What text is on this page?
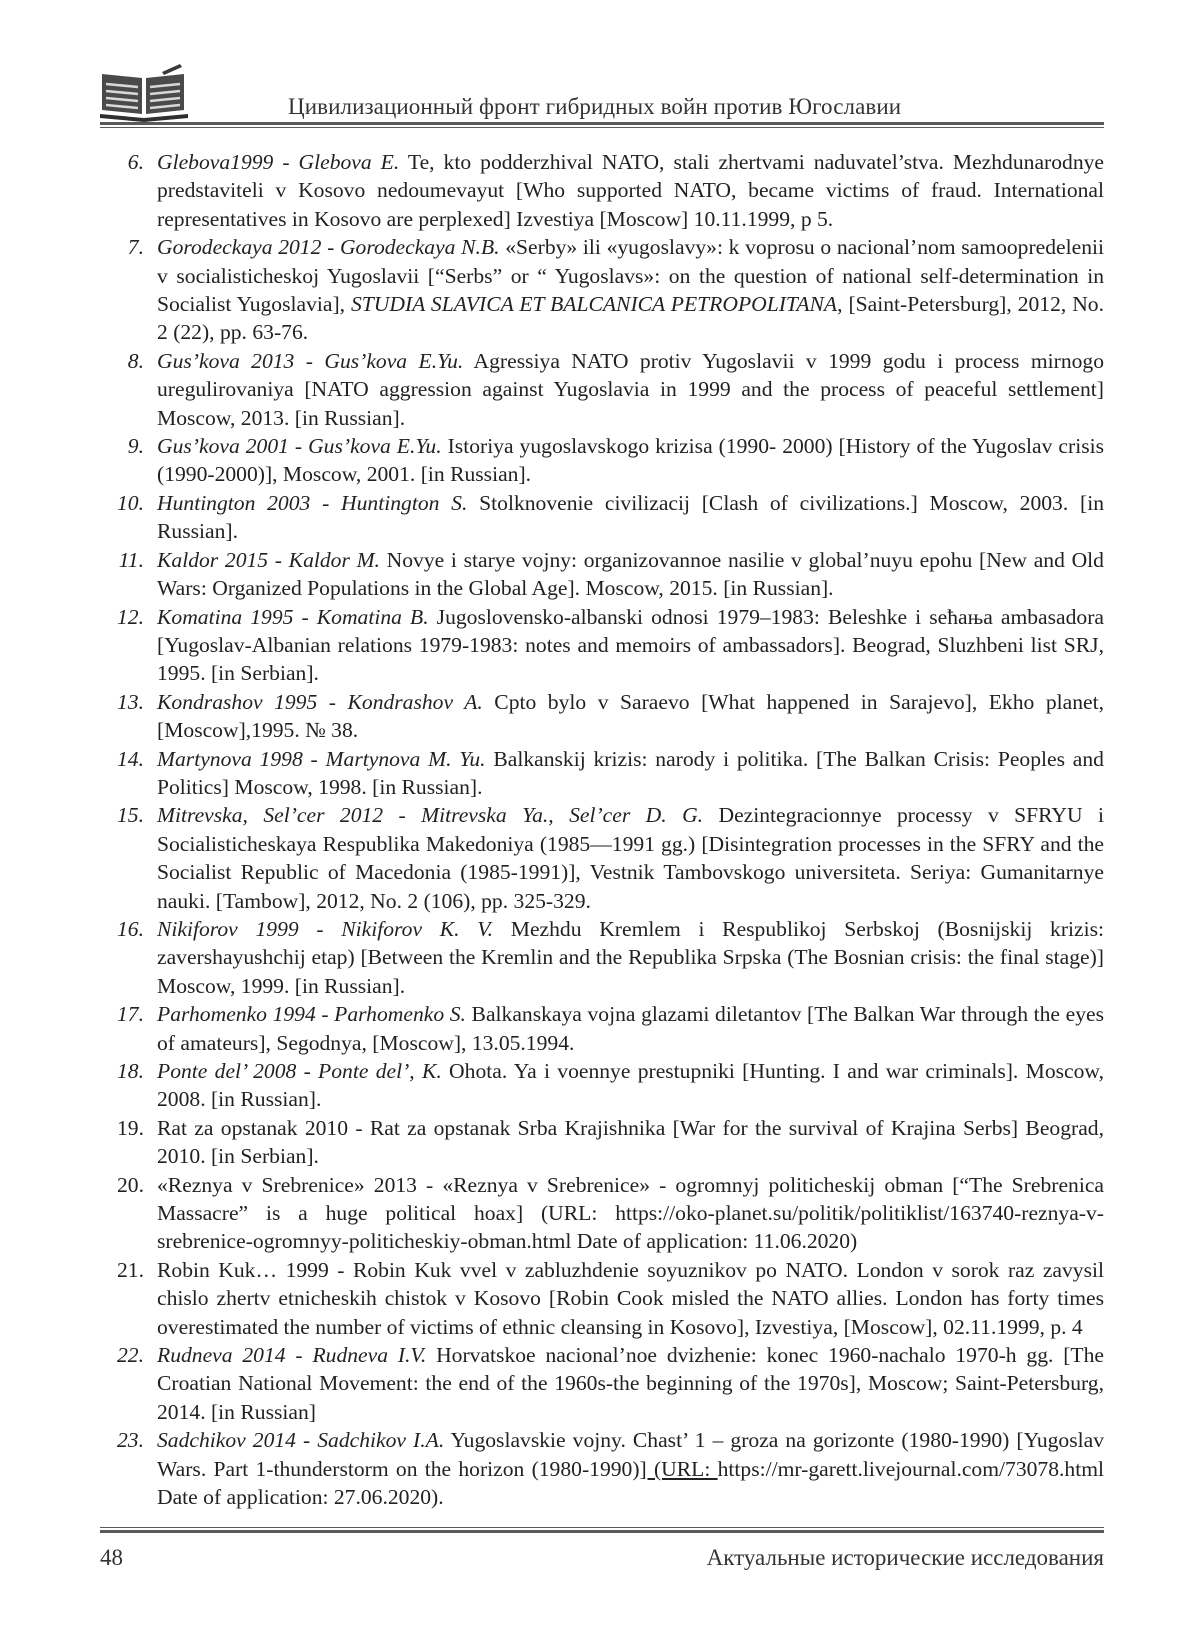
Цивилизационный фронт гибридных войн против Югославии
6. Glebova1999 - Glebova E. Te, kto podderzhival NATO, stali zhertvami naduvatel’stva. Mezhdunarodnye predstaviteli v Kosovo nedoumevayut [Who supported NATO, became victims of fraud. International representatives in Kosovo are perplexed] Izvestiya [Moscow] 10.11.1999, p 5.
7. Gorodeckaya 2012 - Gorodeckaya N.B. «Serby» ili «yugoslavy»: k voprosu o nacional’nom samoopredelenii v socialisticheskoj Yugoslavii [“Serbs” or “ Yugoslavs»: on the question of national self-determination in Socialist Yugoslavia], STUDIA SLAVICA ET BALCANICA PETROPOLITANA, [Saint-Petersburg], 2012, No. 2 (22), pp. 63-76.
8. Gus’kova 2013 - Gus’kova E.Yu. Agressiya NATO protiv Yugoslavii v 1999 godu i process mirnogo uregulirovaniya [NATO aggression against Yugoslavia in 1999 and the process of peaceful settlement] Moscow, 2013. [in Russian].
9. Gus’kova 2001 - Gus’kova E.Yu. Istoriya yugoslavskogo krizisa (1990- 2000) [History of the Yugoslav crisis (1990-2000)], Moscow, 2001. [in Russian].
10. Huntington 2003 - Huntington S. Stolknovenie civilizacij [Clash of civilizations.] Moscow, 2003. [in Russian].
11. Kaldor 2015 - Kaldor M. Novye i starye vojny: organizovannoe nasilie v global’nuyu epohu [New and Old Wars: Organized Populations in the Global Age]. Moscow, 2015. [in Russian].
12. Komatina 1995 - Komatina B. Jugoslovensko-albanski odnosi 1979–1983: Beleshke i seћaња ambasadora [Yugoslav-Albanian relations 1979-1983: notes and memoirs of ambassadors]. Beograd, Sluzhbeni list SRJ, 1995. [in Serbian].
13. Kondrashov 1995 - Kondrashov A. Cpto bylo v Saraevo [What happened in Sarajevo], Ekho planet, [Moscow],1995. № 38.
14. Martynova 1998 - Martynova M. Yu. Balkanskij krizis: narody i politika. [The Balkan Crisis: Peoples and Politics] Moscow, 1998. [in Russian].
15. Mitrevska, Sel’cer 2012 - Mitrevska Ya., Sel’cer D. G. Dezintegracionnye processy v SFRYU i Socialisticheskaya Respublika Makedoniya (1985—1991 gg.) [Disintegration processes in the SFRY and the Socialist Republic of Macedonia (1985-1991)], Vestnik Tambovskogo universiteta. Seriya: Gumanitarnye nauki. [Tambow], 2012, No. 2 (106), pp. 325-329.
16. Nikiforov 1999 - Nikiforov K. V. Mezhdu Kremlem i Respublikoj Serbskoj (Bosnijskij krizis: zavershayushchij etap) [Between the Kremlin and the Republika Srpska (The Bosnian crisis: the final stage)] Moscow, 1999. [in Russian].
17. Parhomenko 1994 - Parhomenko S. Balkanskaya vojna glazami diletantov [The Balkan War through the eyes of amateurs], Segodnya, [Moscow], 13.05.1994.
18. Ponte del’ 2008 - Ponte del’, K. Ohota. Ya i voennye prestupniki [Hunting. I and war criminals]. Moscow, 2008. [in Russian].
19. Rat za opstanak 2010 - Rat za opstanak Srba Krajishnika [War for the survival of Krajina Serbs] Beograd, 2010. [in Serbian].
20. «Reznya v Srebrenice» 2013 - «Reznya v Srebrenice» - ogromnyj politicheskij obman [“The Srebrenica Massacre” is a huge political hoax] (URL: https://oko-planet.su/politik/politiklist/163740-reznya-v-srebrenice-ogromnyy-politicheskiy-obman.html Date of application: 11.06.2020)
21. Robin Kuk… 1999 - Robin Kuk vvel v zabluzhdenie soyuznikov po NATO. London v sorok raz zavysil chislo zhertv etnicheskih chistok v Kosovo [Robin Cook misled the NATO allies. London has forty times overestimated the number of victims of ethnic cleansing in Kosovo], Izvestiya, [Moscow], 02.11.1999, p. 4
22. Rudneva 2014 - Rudneva I.V. Horvatskoe nacional’noe dvizhenie: konec 1960-nachalo 1970-h gg. [The Croatian National Movement: the end of the 1960s-the beginning of the 1970s], Moscow; Saint-Petersburg, 2014. [in Russian]
23. Sadchikov 2014 - Sadchikov I.A. Yugoslavskie vojny. Chast’ 1 – groza na gorizonte (1980-1990) [Yugoslav Wars. Part 1-thunderstorm on the horizon (1980-1990)] (URL: https://mr-garett.livejournal.com/73078.html Date of application: 27.06.2020).
48	Актуальные исторические исследования
